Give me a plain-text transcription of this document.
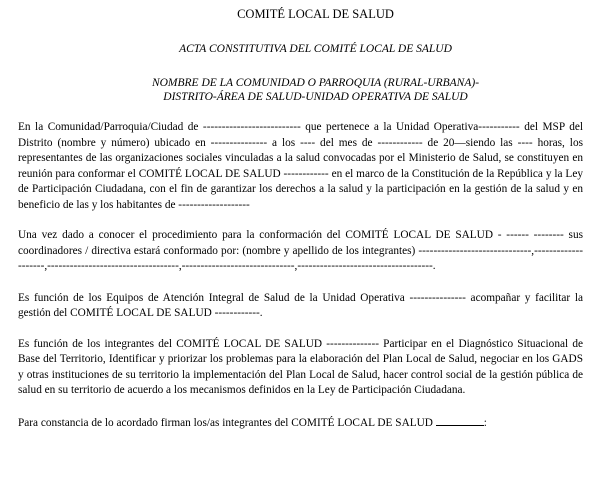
COMITÉ LOCAL DE SALUD

ACTA CONSTITUTIVA DEL COMITÉ LOCAL DE SALUD

NOMBRE DE LA COMUNIDAD O PARROQUIA (RURAL-URBANA)-

DISTRITO-ÁREA DE SALUD-UNIDAD OPERATIVA DE SALUD

En la Comunidad/Parroquia/Ciudad de -------------------------- que pertenece a la Unidad Operativa----------- del MSP del Distrito (nombre y número) ubicado en --------------- a los ---- del mes de ------------ de 20—siendo las ---- horas, los representantes de las organizaciones sociales vinculadas a la salud convocadas por el Ministerio de Salud, se constituyen en reunión para conformar el COMITÉ LOCAL DE SALUD ------------ en el marco de la Constitución de la República y la Ley de Participación Ciudadana, con el fin de garantizar los derechos a la salud y la participación en la gestión de la salud y en beneficio de las y los habitantes de -------------------

Una vez dado a conocer el procedimiento para la conformación del COMITÉ LOCAL DE SALUD - ------ -------- sus coordinadores / directiva estará conformado por: (nombre y apellido de los integrantes) ------------------------------,--------------------,-----------------------------------,------------------------------,------------------------------------.

Es función de los Equipos de Atención Integral de Salud de la Unidad Operativa --------------- acompañar y facilitar la gestión del COMITÉ LOCAL DE SALUD ------------.

Es función de los integrantes del COMITÉ LOCAL DE SALUD -------------- Participar en el Diagnóstico Situacional de Base del Territorio, Identificar y priorizar los problemas para la elaboración del Plan Local de Salud, negociar en los GADS y otras instituciones de su territorio la implementación del Plan Local de Salud, hacer control social de la gestión pública de salud en su territorio de acuerdo a los mecanismos definidos en la Ley de Participación Ciudadana.

Para constancia de lo acordado firman los/as integrantes del COMITÉ LOCAL DE SALUD	:
